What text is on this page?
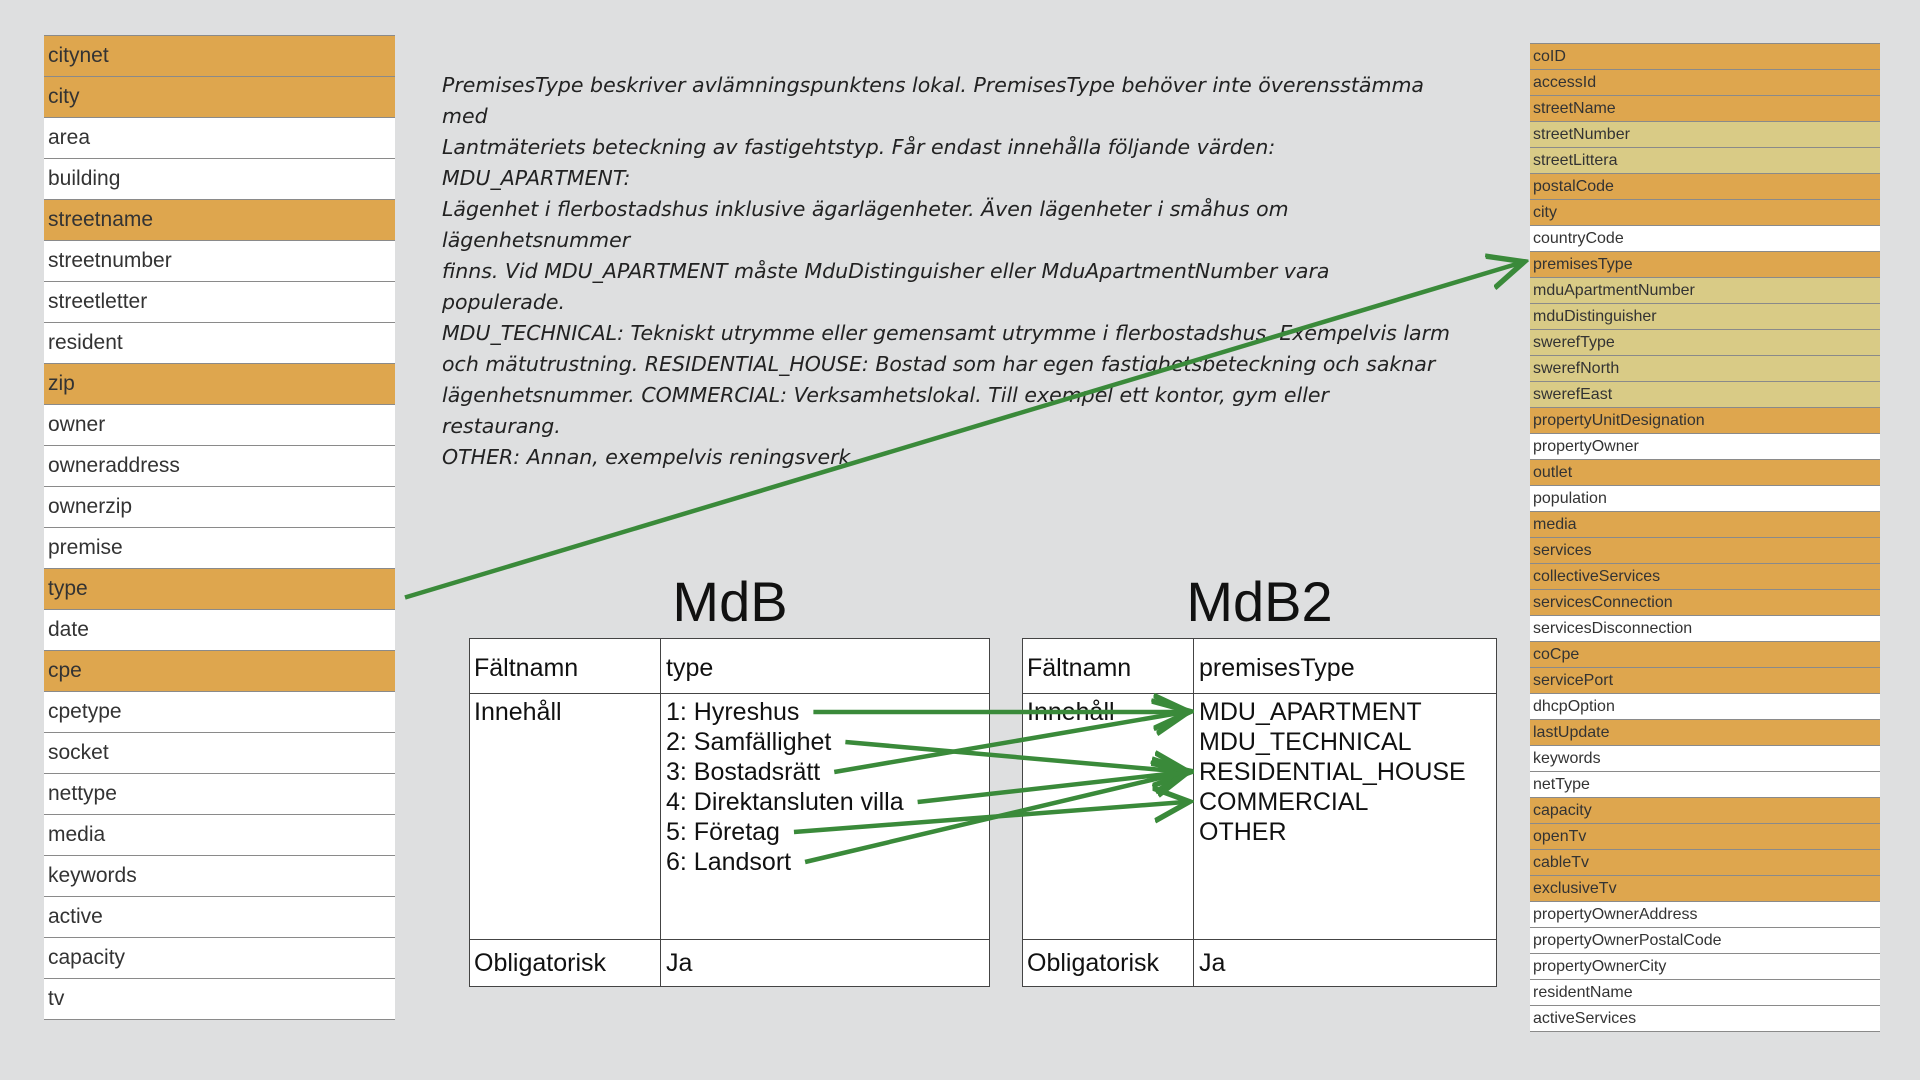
citynet
city
area
building
streetname
streetnumber
streetletter
resident
zip
owner
owneraddress
ownerzip
premise
type
date
cpe
cpetype
socket
nettype
media
keywords
active
capacity
tv
coID
accessId
streetName
streetNumber
streetLittera
postalCode
city
countryCode
premisesType
mduApartmentNumber
mduDistinguisher
swerefType
swerefNorth
swerefEast
propertyUnitDesignation
propertyOwner
outlet
population
media
services
collectiveServices
servicesConnection
servicesDisconnection
coCpe
servicePort
dhcpOption
lastUpdate
keywords
netType
capacity
openTv
cableTv
exclusiveTv
propertyOwnerAddress
propertyOwnerPostalCode
propertyOwnerCity
residentName
activeServices
PremisesType beskriver avlämningspunktens lokal. PremisesType behöver inte överensstämma med
Lantmäteriets beteckning av fastigehtstyp. Får endast innehålla följande värden: MDU_APARTMENT:
Lägenhet i flerbostadshus inklusive ägarlägenheter. Även lägenheter i småhus om lägenhetsnummer
finns. Vid MDU_APARTMENT måste MduDistinguisher eller MduApartmentNumber vara populerade.
MDU_TECHNICAL: Tekniskt utrymme eller gemensamt utrymme i flerbostadshus. Exempelvis larm
och mätutrustning. RESIDENTIAL_HOUSE: Bostad som har egen fastighetsbeteckning och saknar
lägenhetsnummer. COMMERCIAL: Verksamhetslokal. Till exempel ett kontor, gym eller restaurang.
OTHER: Annan, exempelvis reningsverk.
MdB	MdB2
Fältnamn	type
Innehåll	1: Hyreshus
2: Samfällighet
3: Bostadsrätt
4: Direktansluten villa
5: Företag
6: Landsort
Obligatorisk Ja
Fältnamn	premisesType
Innehåll	MDU_APARTMENT
MDU_TECHNICAL
RESIDENTIAL_HOUSE
COMMERCIAL
OTHER
Obligatorisk Ja
